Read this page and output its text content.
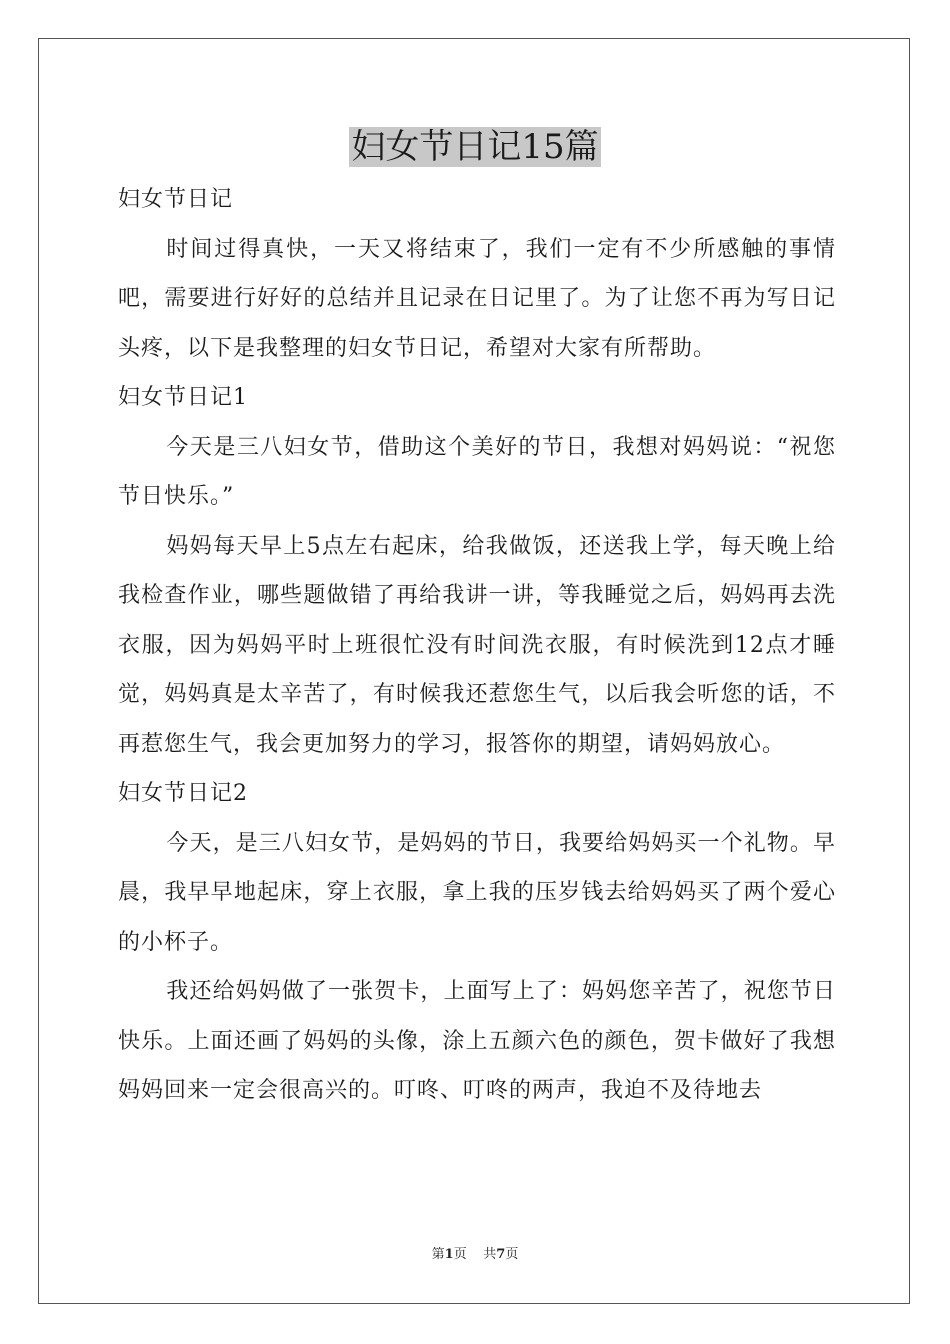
妇女节日记15篇

妇女节日记

时间过得真快，一天又将结束了，我们一定有不少所感触的事情吧，需要进行好好的总结并且记录在日记里了。为了让您不再为写日记头疼，以下是我整理的妇女节日记，希望对大家有所帮助。

妇女节日记1

今天是三八妇女节，借助这个美好的节日，我想对妈妈说：“祝您节日快乐。”

妈妈每天早上5点左右起床，给我做饭，还送我上学，每天晚上给我检查作业，哪些题做错了再给我讲一讲，等我睡觉之后，妈妈再去洗衣服，因为妈妈平时上班很忙没有时间洗衣服，有时候洗到12点才睡觉，妈妈真是太辛苦了，有时候我还惹您生气，以后我会听您的话，不再惹您生气，我会更加努力的学习，报答你的期望，请妈妈放心。

妇女节日记2

今天，是三八妇女节，是妈妈的节日，我要给妈妈买一个礼物。早晨，我早早地起床，穿上衣服，拿上我的压岁钱去给妈妈买了两个爱心的小杯子。

我还给妈妈做了一张贺卡，上面写上了：妈妈您辛苦了，祝您节日快乐。上面还画了妈妈的头像，涂上五颜六色的颜色，贺卡做好了我想妈妈回来一定会很高兴的。叮咚、叮咚的两声，我迫不及待地去

第1页 共7页
